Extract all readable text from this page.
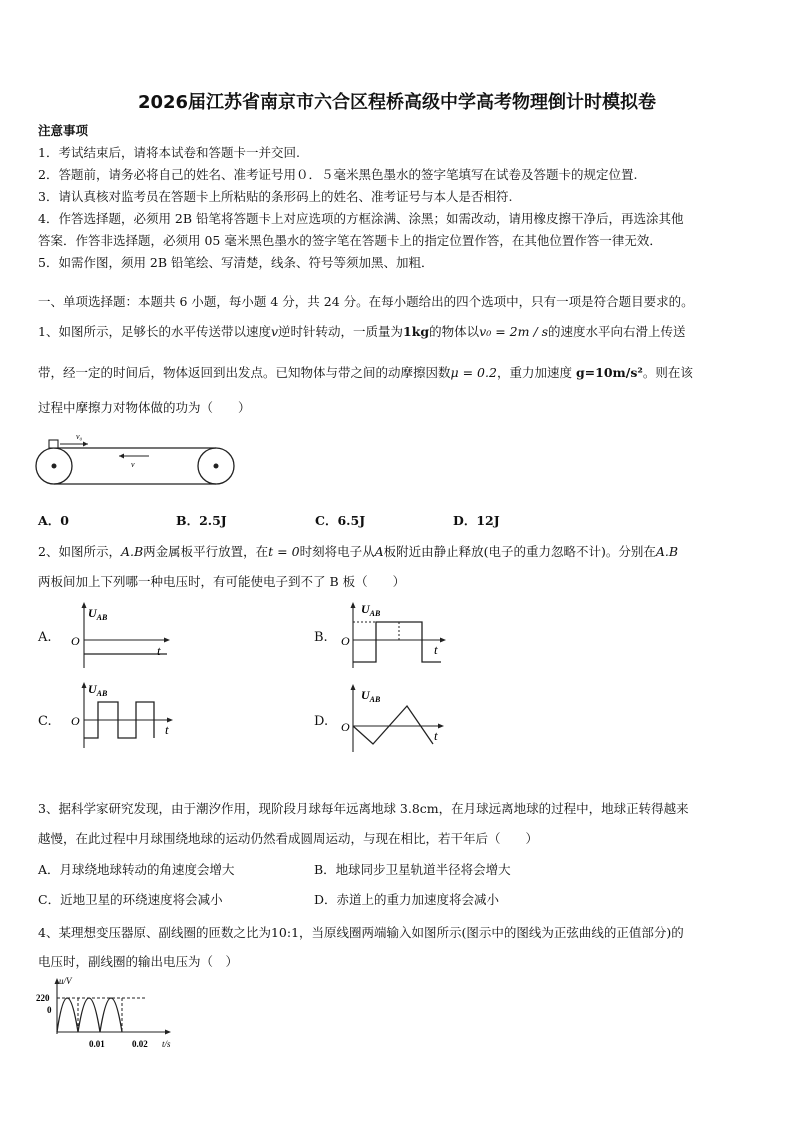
2026届江苏省南京市六合区程桥高级中学高考物理倒计时模拟卷
注意事项
1．考试结束后，请将本试卷和答题卡一并交回.
2．答题前，请务必将自己的姓名、准考证号用０．５毫米黑色墨水的签字笔填写在试卷及答题卡的规定位置.
3．请认真核对监考员在答题卡上所粘贴的条形码上的姓名、准考证号与本人是否相符.
4．作答选择题，必须用 2B 铅笔将答题卡上对应选项的方框涂满、涂黑；如需改动，请用橡皮擦干净后，再选涂其他
答案．作答非选择题，必须用 05 毫米黑色墨水的签字笔在答题卡上的指定位置作答，在其他位置作答一律无效．
5．如需作图，须用 2B 铅笔绘、写清楚，线条、符号等须加黑、加粗．
一、单项选择题：本题共 6 小题，每小题 4 分，共 24 分。在每小题给出的四个选项中，只有一项是符合题目要求的。
1、如图所示，足够长的水平传送带以速度v逆时针转动，一质量为1kg的物体以v₀ = 2m / s的速度水平向右滑上传送
带，经一定的时间后，物体返回到出发点。已知物体与带之间的动摩擦因数μ = 0.2，重力加速度 g=10m/s²。则在该
过程中摩擦力对物体做的功为（　　）
v₀
v
A．0	B．2.5J	C．6.5J	D．12J
2、如图所示，A.B两金属板平行放置，在t = 0时刻将电子从A板附近由静止释放(电子的重力忽略不计)。分别在A.B
两板间加上下列哪一种电压时，有可能使电子到不了 B 板（　　）
A.	B.
C.	D.
$U_{AB}$
O
t
$U_{AB}$
O
t
$U_{AB}$
O
t
$U_{AB}$
O
t
3、据科学家研究发现，由于潮汐作用，现阶段月球每年远离地球 3.8cm，在月球远离地球的过程中，地球正转得越来
越慢，在此过程中月球围绕地球的运动仍然看成圆周运动，与现在相比，若干年后（　　）
A．月球绕地球转动的角速度会增大	B．地球同步卫星轨道半径将会增大
C．近地卫星的环绕速度将会减小	D．赤道上的重力加速度将会减小
4、某理想变压器原、副线圈的匝数之比为10:1，当原线圈两端输入如图所示(图示中的图线为正弦曲线的正值部分)的
电压时，副线圈的输出电压为（　）
u/V
220
0
0.01	0.02 t/s
